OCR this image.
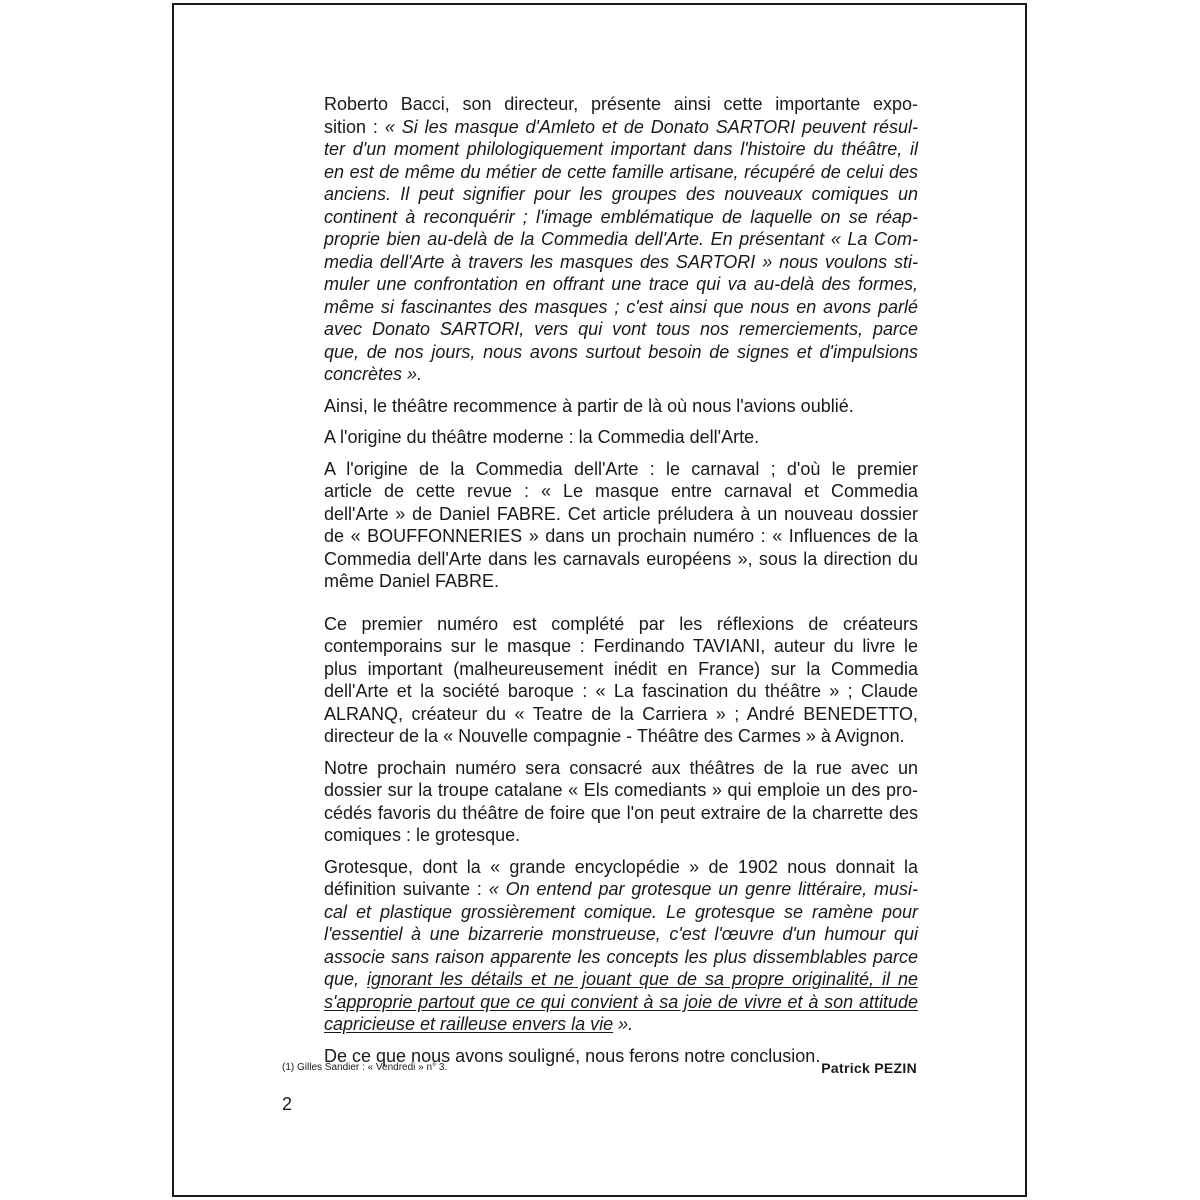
Roberto Bacci, son directeur, présente ainsi cette importante expo-
sition : « Si les masque d'Amleto et de Donato SARTORI peuvent résul-
ter d'un moment philologiquement important dans l'histoire du théâtre, il
en est de même du métier de cette famille artisane, récupéré de celui des
anciens. Il peut signifier pour les groupes des nouveaux comiques un
continent à reconquérir ; l'image emblématique de laquelle on se réap-
proprie bien au-delà de la Commedia dell'Arte. En présentant « La Com-
media dell'Arte à travers les masques des SARTORI » nous voulons sti-
muler une confrontation en offrant une trace qui va au-delà des formes,
même si fascinantes des masques ; c'est ainsi que nous en avons parlé
avec Donato SARTORI, vers qui vont tous nos remerciements, parce
que, de nos jours, nous avons surtout besoin de signes et d'impulsions
concrètes ».

Ainsi, le théâtre recommence à partir de là où nous l'avions oublié.

A l'origine du théâtre moderne : la Commedia dell'Arte.

A l'origine de la Commedia dell'Arte : le carnaval ; d'où le premier
article de cette revue : « Le masque entre carnaval et Commedia
dell'Arte » de Daniel FABRE. Cet article préludera à un nouveau dossier
de « BOUFFONNERIES » dans un prochain numéro : « Influences de la
Commedia dell'Arte dans les carnavals européens », sous la direction du
même Daniel FABRE.

Ce premier numéro est complété par les réflexions de créateurs
contemporains sur le masque : Ferdinando TAVIANI, auteur du livre le
plus important (malheureusement inédit en France) sur la Commedia
dell'Arte et la société baroque : « La fascination du théâtre » ; Claude
ALRANQ, créateur du « Teatre de la Carriera » ; André BENEDETTO,
directeur de la « Nouvelle compagnie - Théâtre des Carmes » à Avignon.

Notre prochain numéro sera consacré aux théâtres de la rue avec un
dossier sur la troupe catalane « Els comediants » qui emploie un des pro-
cédés favoris du théâtre de foire que l'on peut extraire de la charrette des
comiques : le grotesque.

Grotesque, dont la « grande encyclopédie » de 1902 nous donnait la
définition suivante : « On entend par grotesque un genre littéraire, musi-
cal et plastique grossièrement comique. Le grotesque se ramène pour
l'essentiel à une bizarrerie monstrueuse, c'est l'œuvre d'un humour qui
associe sans raison apparente les concepts les plus dissemblables parce
que, ignorant les détails et ne jouant que de sa propre originalité, il ne
s'approprie partout que ce qui convient à sa joie de vivre et à son attitude
capricieuse et railleuse envers la vie ».

De ce que nous avons souligné, nous ferons notre conclusion.

(1) Gilles Sandier : « Vendredi » n° 3.	Patrick PEZIN
2
